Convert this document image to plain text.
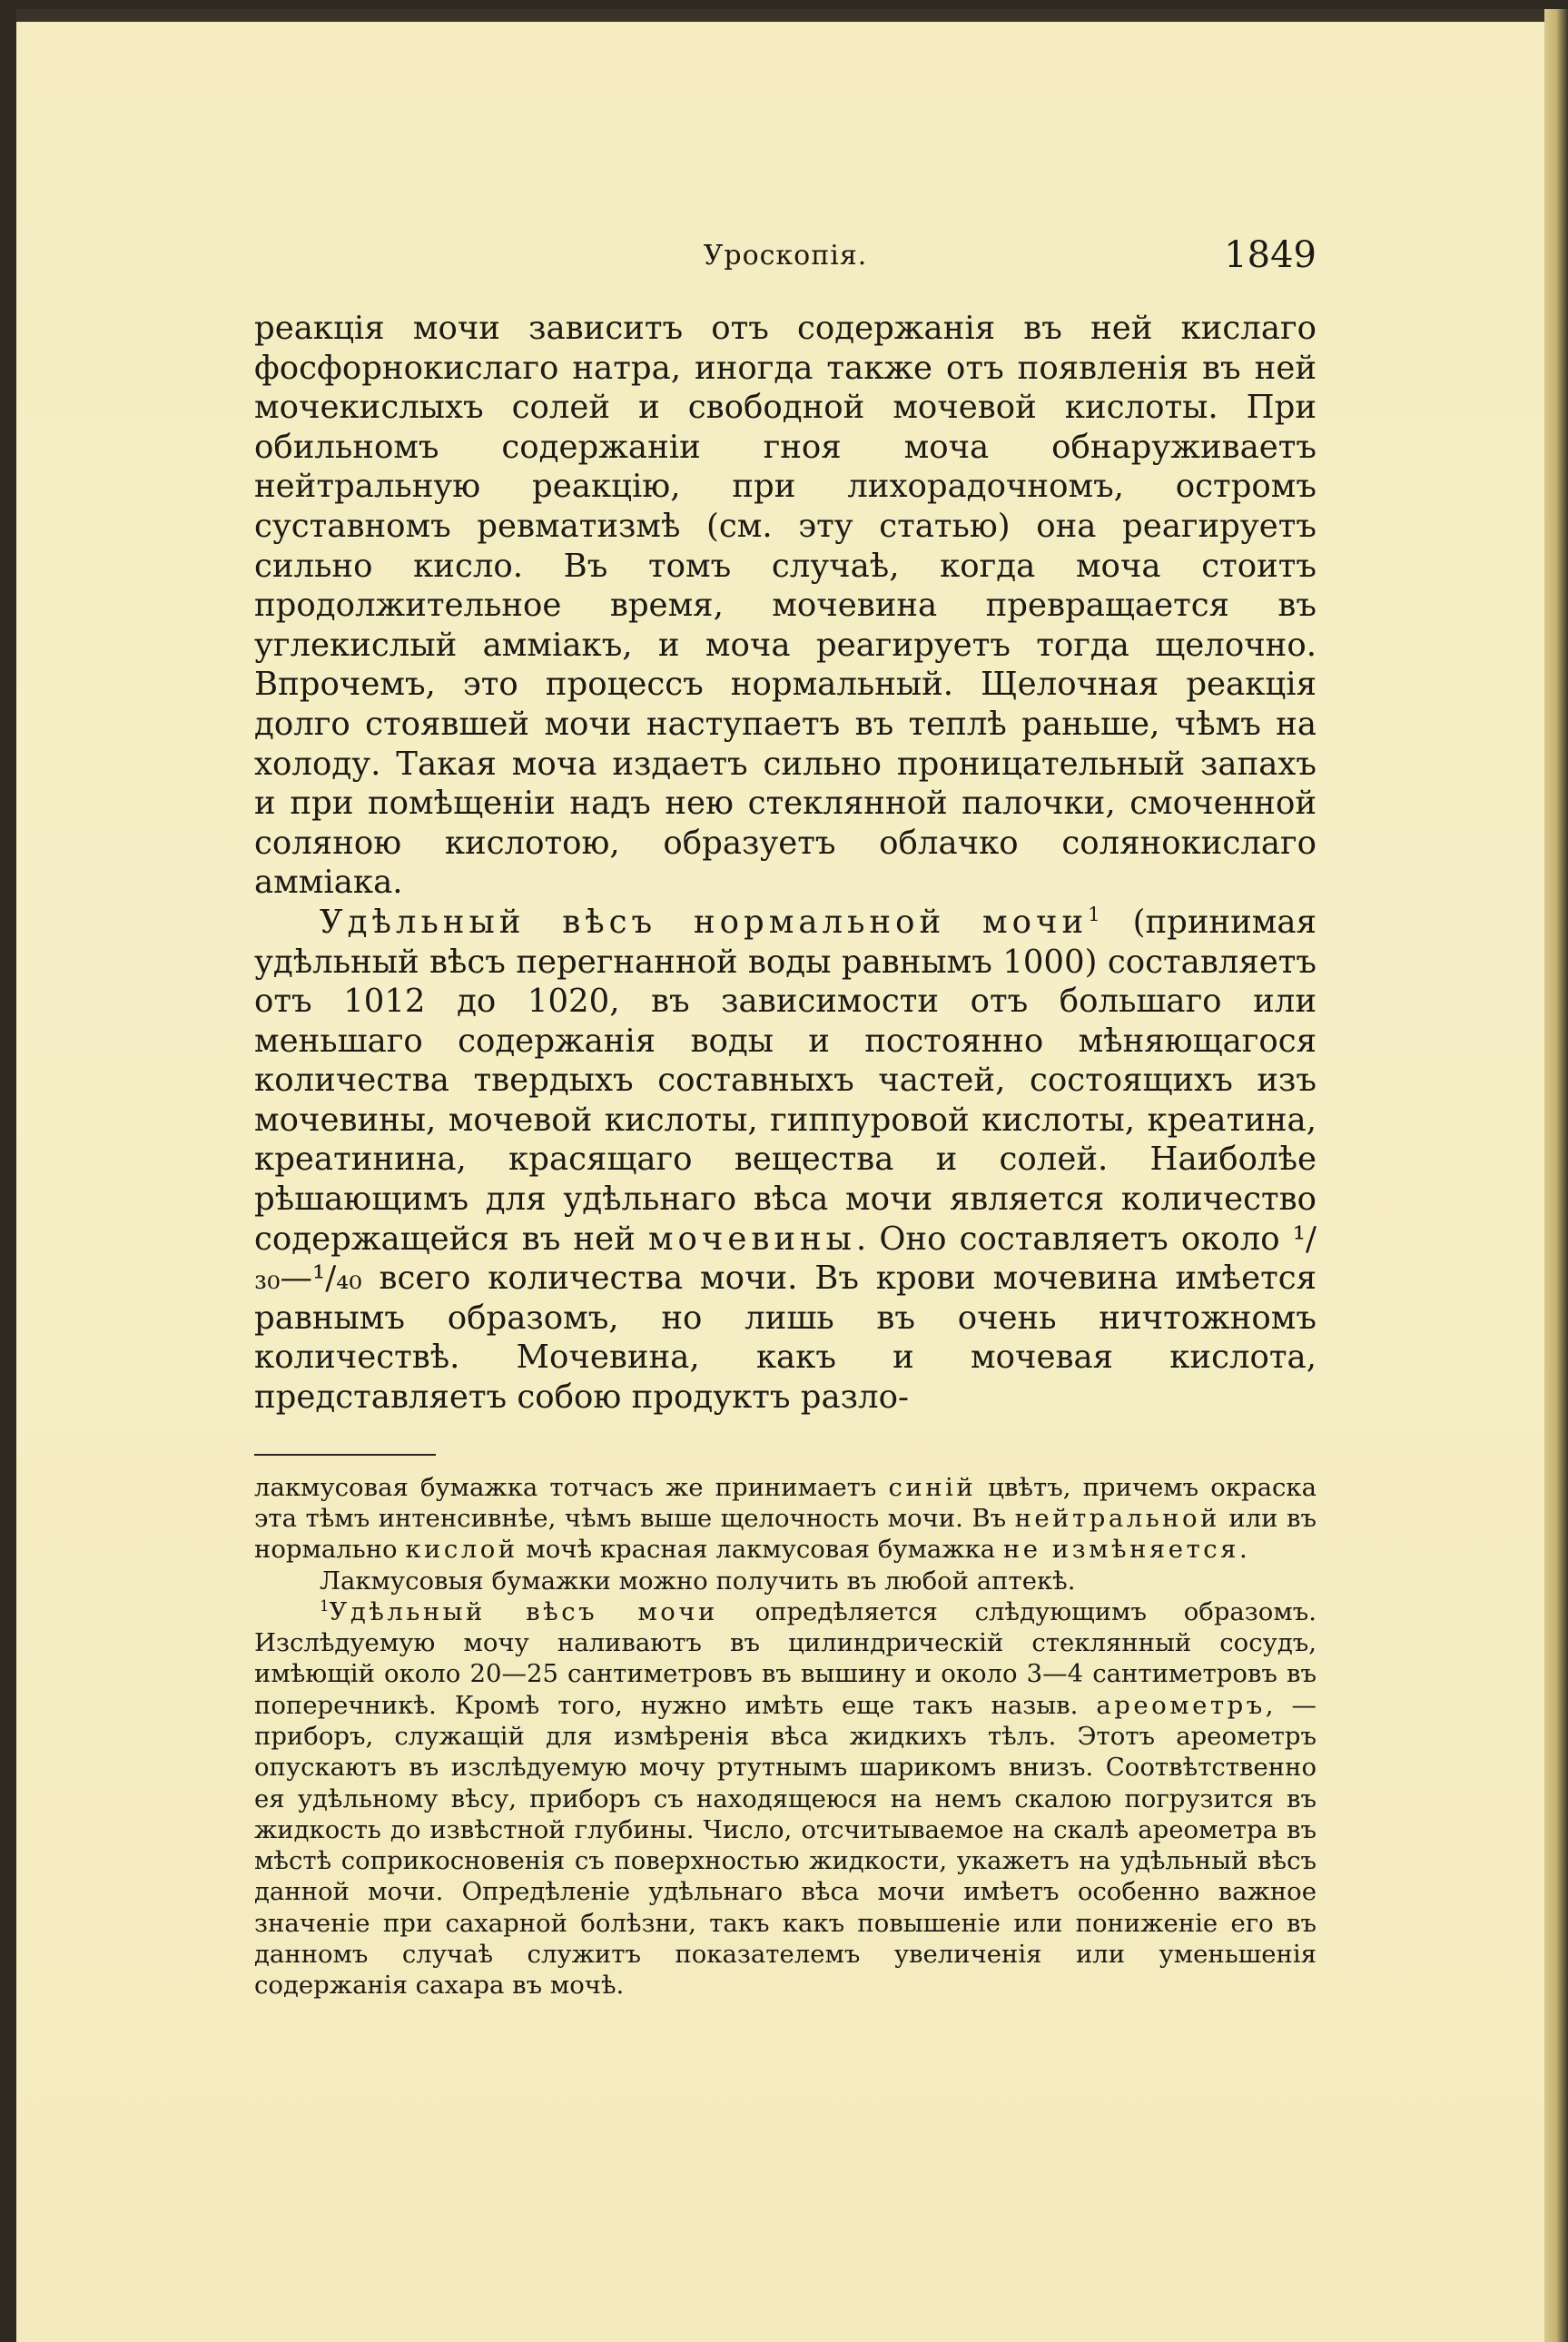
Уроскопія.	1849

реакція мочи зависитъ отъ содержанія въ ней кислаго фосфорнокислаго натра, иногда также отъ появленія въ ней мочекислыхъ солей и свободной мочевой кислоты. При обильномъ содержаніи гноя моча обнаруживаетъ нейтральную реакцію, при лихорадочномъ, остромъ суставномъ ревматизмѣ (см. эту статью) она реагируетъ сильно кисло. Въ томъ случаѣ, когда моча стоитъ продолжительное время, мочевина превращается въ углекислый амміакъ, и моча реагируетъ тогда щелочно. Впрочемъ, это процессъ нормальный. Щелочная реакція долго стоявшей мочи наступаетъ въ теплѣ раньше, чѣмъ на холоду. Такая моча издаетъ сильно проницательный запахъ и при помѣщеніи надъ нею стеклянной палочки, смоченной соляною кислотою, образуетъ облачко солянокислаго амміака.

Удѣльный вѣсъ нормальной мочи$^1$ (принимая удѣльный вѣсъ перегнанной воды равнымъ 1000) составляетъ отъ 1012 до 1020, въ зависимости отъ большаго или меньшаго содержанія воды и постоянно мѣняющагося количества твердыхъ составныхъ частей, состоящихъ изъ мочевины, мочевой кислоты, гиппуровой кислоты, креатина, креатинина, красящаго вещества и солей. Наиболѣе рѣшающимъ для удѣльнаго вѣса мочи является количество содержащейся въ ней мочевины. Оно составляетъ около ¹/₃₀—¹/₄₀ всего количества мочи. Въ крови мочевина имѣется равнымъ образомъ, но лишь въ очень ничтожномъ количествѣ. Мочевина, какъ и мочевая кислота, представляетъ собою продуктъ разло-

лакмусовая бумажка тотчасъ же принимаетъ синій цвѣтъ, причемъ окраска эта тѣмъ интенсивнѣе, чѣмъ выше щелочность мочи. Въ нейтральной или въ нормально кислой мочѣ красная лакмусовая бумажка не измѣняется.

Лакмусовыя бумажки можно получить въ любой аптекѣ.

$^1$Удѣльный вѣсъ мочи опредѣляется слѣдующимъ образомъ. Изслѣдуемую мочу наливаютъ въ цилиндрическій стеклянный сосудъ, имѣющій около 20—25 сантиметровъ въ вышину и около 3—4 сантиметровъ въ поперечникѣ. Кромѣ того, нужно имѣть еще такъ назыв. ареометръ, — приборъ, служащій для измѣренія вѣса жидкихъ тѣлъ. Этотъ ареометръ опускаютъ въ изслѣдуемую мочу ртутнымъ шарикомъ внизъ. Соотвѣтственно ея удѣльному вѣсу, приборъ съ находящеюся на немъ скалою погрузится въ жидкость до извѣстной глубины. Число, отсчитываемое на скалѣ ареометра въ мѣстѣ соприкосновенія съ поверхностью жидкости, укажетъ на удѣльный вѣсъ данной мочи. Опредѣленіе удѣльнаго вѣса мочи имѣетъ особенно важное значеніе при сахарной болѣзни, такъ какъ повышеніе или пониженіе его въ данномъ случаѣ служитъ показателемъ увеличенія или уменьшенія содержанія сахара въ мочѣ.
